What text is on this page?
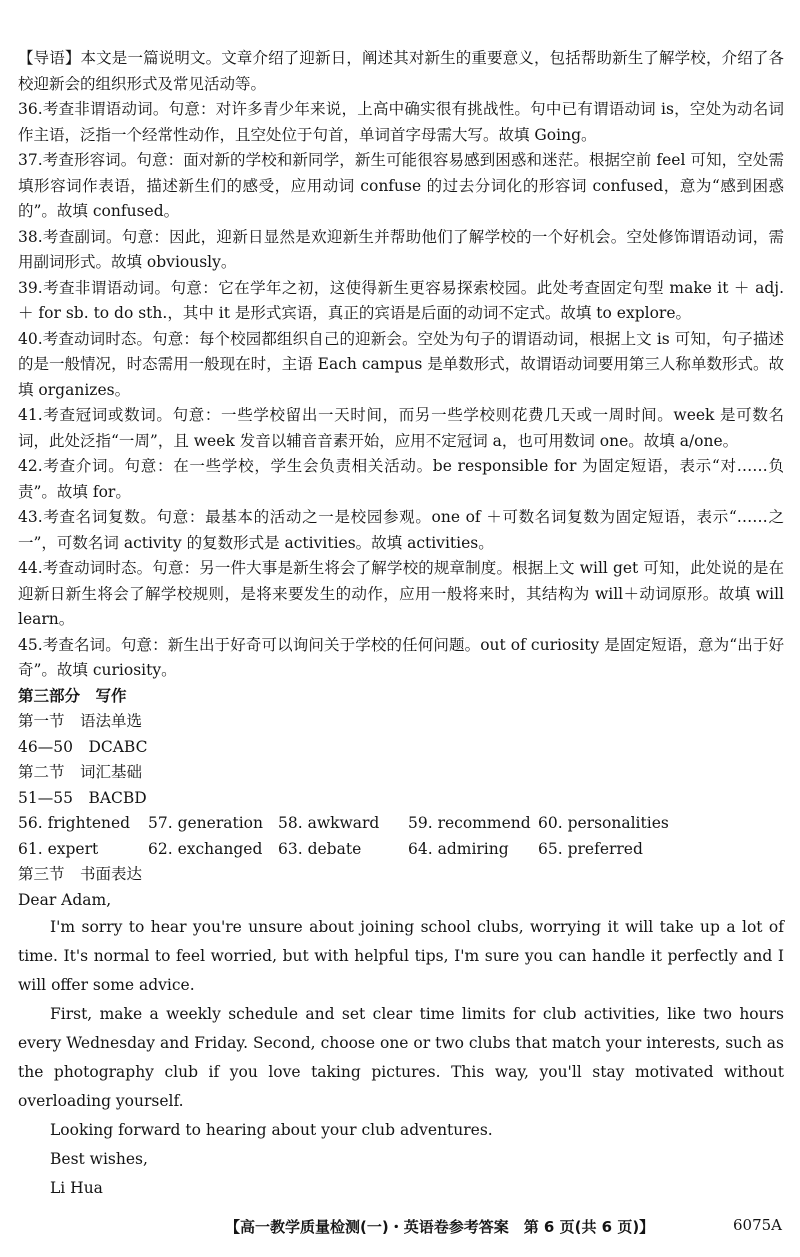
【导语】本文是一篇说明文。文章介绍了迎新日，阐述其对新生的重要意义，包括帮助新生了解学校，介绍了各校迎新会的组织形式及常见活动等。

36.考查非谓语动词。句意：对许多青少年来说，上高中确实很有挑战性。句中已有谓语动词 is，空处为动名词作主语，泛指一个经常性动作，且空处位于句首，单词首字母需大写。故填 Going。

37.考查形容词。句意：面对新的学校和新同学，新生可能很容易感到困惑和迷茫。根据空前 feel 可知，空处需填形容词作表语，描述新生们的感受，应用动词 confuse 的过去分词化的形容词 confused，意为“感到困惑的”。故填 confused。

38.考查副词。句意：因此，迎新日显然是欢迎新生并帮助他们了解学校的一个好机会。空处修饰谓语动词，需用副词形式。故填 obviously。

39.考查非谓语动词。句意：它在学年之初，这使得新生更容易探索校园。此处考查固定句型 make it ＋ adj. ＋ for sb. to do sth.，其中 it 是形式宾语，真正的宾语是后面的动词不定式。故填 to explore。

40.考查动词时态。句意：每个校园都组织自己的迎新会。空处为句子的谓语动词，根据上文 is 可知，句子描述的是一般情况，时态需用一般现在时，主语 Each campus 是单数形式，故谓语动词要用第三人称单数形式。故填 organizes。

41.考查冠词或数词。句意：一些学校留出一天时间，而另一些学校则花费几天或一周时间。week 是可数名词，此处泛指“一周”，且 week 发音以辅音音素开始，应用不定冠词 a，也可用数词 one。故填 a/one。

42.考查介词。句意：在一些学校，学生会负责相关活动。be responsible for 为固定短语，表示“对……负责”。故填 for。

43.考查名词复数。句意：最基本的活动之一是校园参观。one of ＋可数名词复数为固定短语，表示“……之一”，可数名词 activity 的复数形式是 activities。故填 activities。

44.考查动词时态。句意：另一件大事是新生将会了解学校的规章制度。根据上文 will get 可知，此处说的是在迎新日新生将会了解学校规则，是将来要发生的动作，应用一般将来时，其结构为 will＋动词原形。故填 will learn。

45.考查名词。句意：新生出于好奇可以询问关于学校的任何问题。out of curiosity 是固定短语，意为“出于好奇”。故填 curiosity。

第三部分　写作

第一节　语法单选

46—50　DCABC

第二节　词汇基础

51—55　BACBD

56. frightened	57. generation 58. awkward	59. recommend 60. personalities
61. expert	62. exchanged	63. debate	64. admiring	65. preferred

第三节　书面表达

Dear Adam,

I'm sorry to hear you're unsure about joining school clubs, worrying it will take up a lot of time. It's normal to feel worried, but with helpful tips, I'm sure you can handle it perfectly and I will offer some advice.

First, make a weekly schedule and set clear time limits for club activities, like two hours every Wednesday and Friday. Second, choose one or two clubs that match your interests, such as the photography club if you love taking pictures. This way, you'll stay motivated without overloading yourself.

Looking forward to hearing about your club adventures.

Best wishes,

Li Hua

【高一教学质量检测(一)・英语卷参考答案　第 6 页(共 6 页)】	6075A
